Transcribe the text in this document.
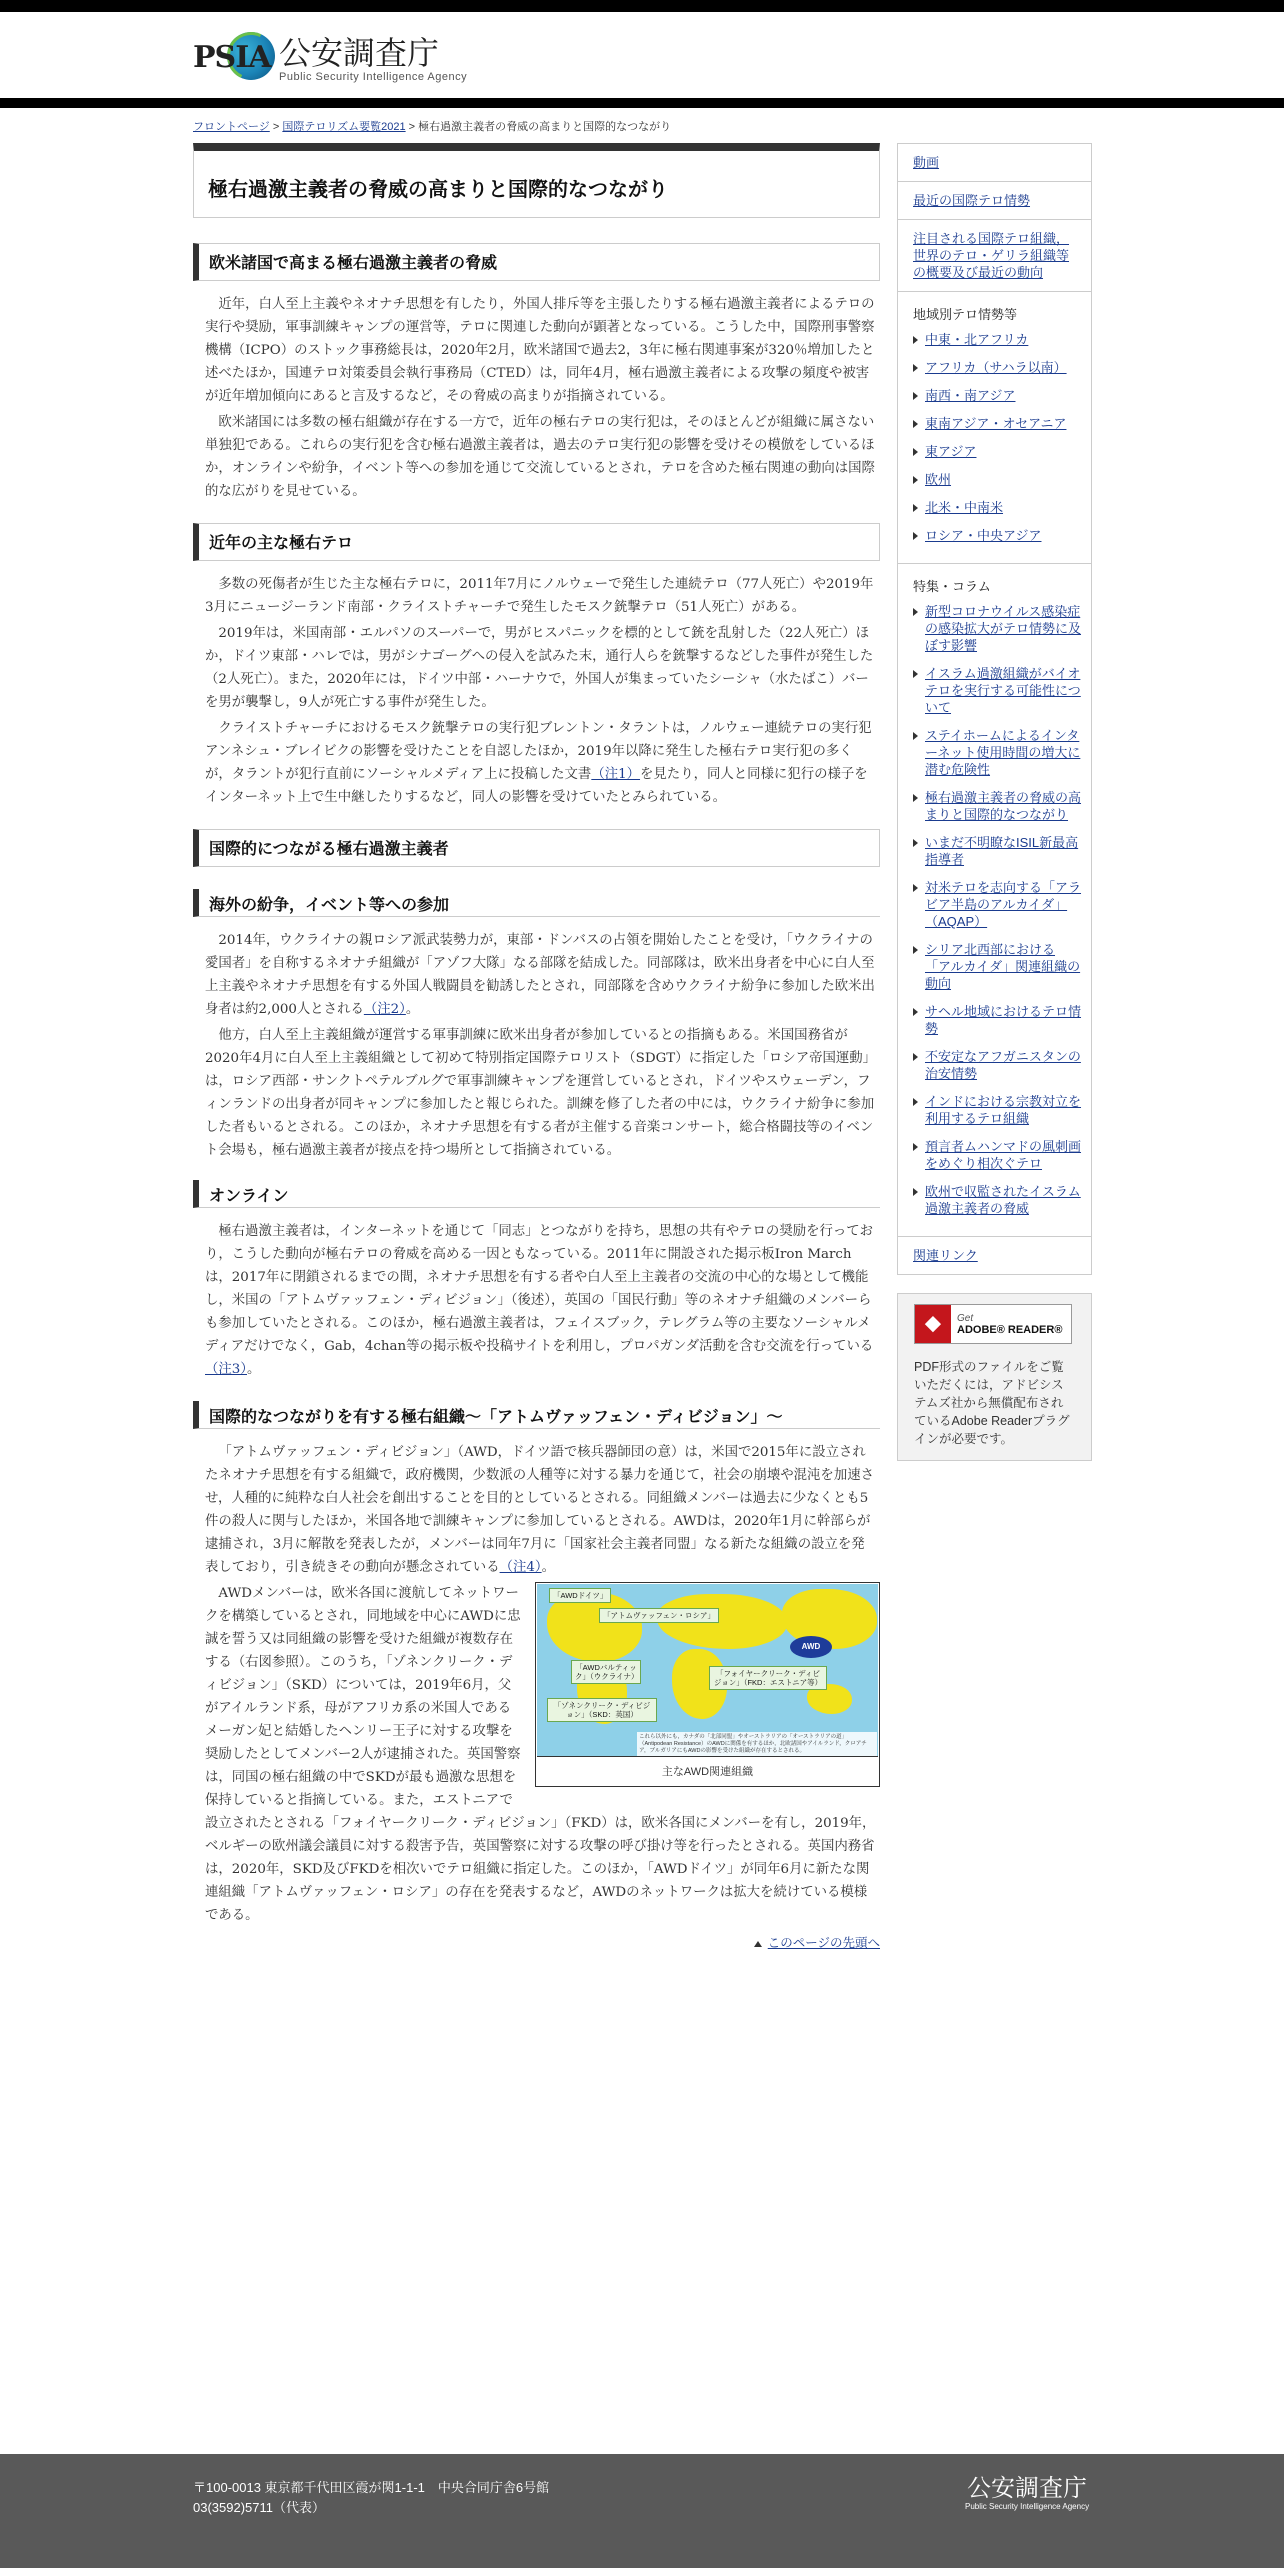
PSIA 公安調査庁
Public Security Intelligence Agency
フロントページ > 国際テロリズム要覧2021 > 極右過激主義者の脅威の高まりと国際的なつながり
極右過激主義者の脅威の高まりと国際的なつながり
欧米諸国で高まる極右過激主義者の脅威

近年，白人至上主義やネオナチ思想を有したり，外国人排斥等を主張したりする極右過激主義者によるテロの実行や奨励，軍事訓練キャンプの運営等，テロに関連した動向が顕著となっている。こうした中，国際刑事警察機構（ICPO）のストック事務総長は，2020年2月，欧米諸国で過去2，3年に極右関連事案が320％増加したと述べたほか，国連テロ対策委員会執行事務局（CTED）は，同年4月，極右過激主義者による攻撃の頻度や被害が近年増加傾向にあると言及するなど，その脅威の高まりが指摘されている。

欧米諸国には多数の極右組織が存在する一方で，近年の極右テロの実行犯は，そのほとんどが組織に属さない単独犯である。これらの実行犯を含む極右過激主義者は，過去のテロ実行犯の影響を受けその模倣をしているほか，オンラインや紛争，イベント等への参加を通じて交流しているとされ，テロを含めた極右関連の動向は国際的な広がりを見せている。

近年の主な極右テロ

多数の死傷者が生じた主な極右テロに，2011年7月にノルウェーで発生した連続テロ（77人死亡）や2019年3月にニュージーランド南部・クライストチャーチで発生したモスク銃撃テロ（51人死亡）がある。

2019年は，米国南部・エルパソのスーパーで，男がヒスパニックを標的として銃を乱射した（22人死亡）ほか，ドイツ東部・ハレでは，男がシナゴーグへの侵入を試みた末，通行人らを銃撃するなどした事件が発生した（2人死亡）。また，2020年には，ドイツ中部・ハーナウで，外国人が集まっていたシーシャ（水たばこ）バーを男が襲撃し，9人が死亡する事件が発生した。

クライストチャーチにおけるモスク銃撃テロの実行犯ブレントン・タラントは，ノルウェー連続テロの実行犯アンネシュ・ブレイビクの影響を受けたことを自認したほか，2019年以降に発生した極右テロ実行犯の多くが，タラントが犯行直前にソーシャルメディア上に投稿した文書（注1）を見たり，同人と同様に犯行の様子をインターネット上で生中継したりするなど，同人の影響を受けていたとみられている。

国際的につながる極右過激主義者
海外の紛争，イベント等への参加

2014年，ウクライナの親ロシア派武装勢力が，東部・ドンバスの占領を開始したことを受け，「ウクライナの愛国者」を自称するネオナチ組織が「アゾフ大隊」なる部隊を結成した。同部隊は，欧米出身者を中心に白人至上主義やネオナチ思想を有する外国人戦闘員を勧誘したとされ，同部隊を含めウクライナ紛争に参加した欧米出身者は約2,000人とされる（注2）。

他方，白人至上主義組織が運営する軍事訓練に欧米出身者が参加しているとの指摘もある。米国国務省が2020年4月に白人至上主義組織として初めて特別指定国際テロリスト（SDGT）に指定した「ロシア帝国運動」は，ロシア西部・サンクトペテルブルグで軍事訓練キャンプを運営しているとされ，ドイツやスウェーデン，フィンランドの出身者が同キャンプに参加したと報じられた。訓練を修了した者の中には，ウクライナ紛争に参加した者もいるとされる。このほか，ネオナチ思想を有する者が主催する音楽コンサート，総合格闘技等のイベント会場も，極右過激主義者が接点を持つ場所として指摘されている。

オンライン

極右過激主義者は，インターネットを通じて「同志」とつながりを持ち，思想の共有やテロの奨励を行っており，こうした動向が極右テロの脅威を高める一因ともなっている。2011年に開設された掲示板Iron Marchは，2017年に閉鎖されるまでの間，ネオナチ思想を有する者や白人至上主義者の交流の中心的な場として機能し，米国の「アトムヴァッフェン・ディビジョン」（後述），英国の「国民行動」等のネオナチ組織のメンバーらも参加していたとされる。このほか，極右過激主義者は，フェイスブック，テレグラム等の主要なソーシャルメディアだけでなく，Gab，4chan等の掲示板や投稿サイトを利用し，プロパガンダ活動を含む交流を行っている（注3）。

国際的なつながりを有する極右組織～「アトムヴァッフェン・ディビジョン」～

「アトムヴァッフェン・ディビジョン」（AWD，ドイツ語で核兵器師団の意）は，米国で2015年に設立されたネオナチ思想を有する組織で，政府機関，少数派の人種等に対する暴力を通じて，社会の崩壊や混沌を加速させ，人種的に純粋な白人社会を創出することを目的としているとされる。同組織メンバーは過去に少なくとも5件の殺人に関与したほか，米国各地で訓練キャンプに参加しているとされる。AWDは，2020年1月に幹部らが逮捕され，3月に解散を発表したが，メンバーは同年7月に「国家社会主義者同盟」なる新たな組織の設立を発表しており，引き続きその動向が懸念されている（注4）。

「AWDドイツ」
「アトムヴァッフェン・ロシア」
「AWDバルティック」（ウクライナ）	「フォイヤークリーク・ディビジョン」（FKD：エストニア等）
「ゾネンクリーク・ディビジョン」（SKD：英国）
AWD
これら以外にも，カナダの「北部同盟」やオーストラリアの「オーストラリアの道」（Antipodean Resistance）のAWDに関係を有するほか，北欧諸国やアイルランド，クロアチア，ブルガリアにもAWDの影響を受けた組織が存在するとされる。
主なAWD関連組織

AWDメンバーは，欧米各国に渡航してネットワークを構築しているとされ，同地域を中心にAWDに忠誠を誓う又は同組織の影響を受けた組織が複数存在する（右図参照）。このうち，「ゾネンクリーク・ディビジョン」（SKD）については，2019年6月，父がアイルランド系，母がアフリカ系の米国人であるメーガン妃と結婚したヘンリー王子に対する攻撃を奨励したとしてメンバー2人が逮捕された。英国警察は，同国の極右組織の中でSKDが最も過激な思想を保持していると指摘している。また，エストニアで設立されたとされる「フォイヤークリーク・ディビジョン」（FKD）は，欧米各国にメンバーを有し，2019年，ベルギーの欧州議会議員に対する殺害予告，英国警察に対する攻撃の呼び掛け等を行ったとされる。英国内務省は，2020年，SKD及びFKDを相次いでテロ組織に指定した。このほか，「AWDドイツ」が同年6月に新たな関連組織「アトムヴァッフェン・ロシア」の存在を発表するなど，AWDのネットワークは拡大を続けている模様である。

このページの先頭へ
動画
最近の国際テロ情勢
注目される国際テロ組織，世界のテロ・ゲリラ組織等の概要及び最近の動向
地域別テロ情勢等
中東・北アフリカ
アフリカ（サハラ以南）
南西・南アジア
東南アジア・オセアニア
東アジア
欧州
北米・中南米
ロシア・中央アジア
特集・コラム
新型コロナウイルス感染症の感染拡大がテロ情勢に及ぼす影響
イスラム過激組織がバイオテロを実行する可能性について
ステイホームによるインターネット使用時間の増大に潜む危険性
極右過激主義者の脅威の高まりと国際的なつながり
いまだ不明瞭なISIL新最高指導者
対米テロを志向する「アラビア半島のアルカイダ」（AQAP）
シリア北西部における「アルカイダ」関連組織の動向
サヘル地域におけるテロ情勢
不安定なアフガニスタンの治安情勢
インドにおける宗教対立を利用するテロ組織
預言者ムハンマドの風刺画をめぐり相次ぐテロ
欧州で収監されたイスラム過激主義者の脅威
関連リンク
⬥	Get
ADOBE® READER®
PDF形式のファイルをご覧いただくには，アドビシステムズ社から無償配布されているAdobe Readerプラグインが必要です。
〒100-0013 東京都千代田区霞が関1-1-1　中央合同庁舎6号館
03(3592)5711（代表）
公安調査庁
Public Security Intelligence Agency
